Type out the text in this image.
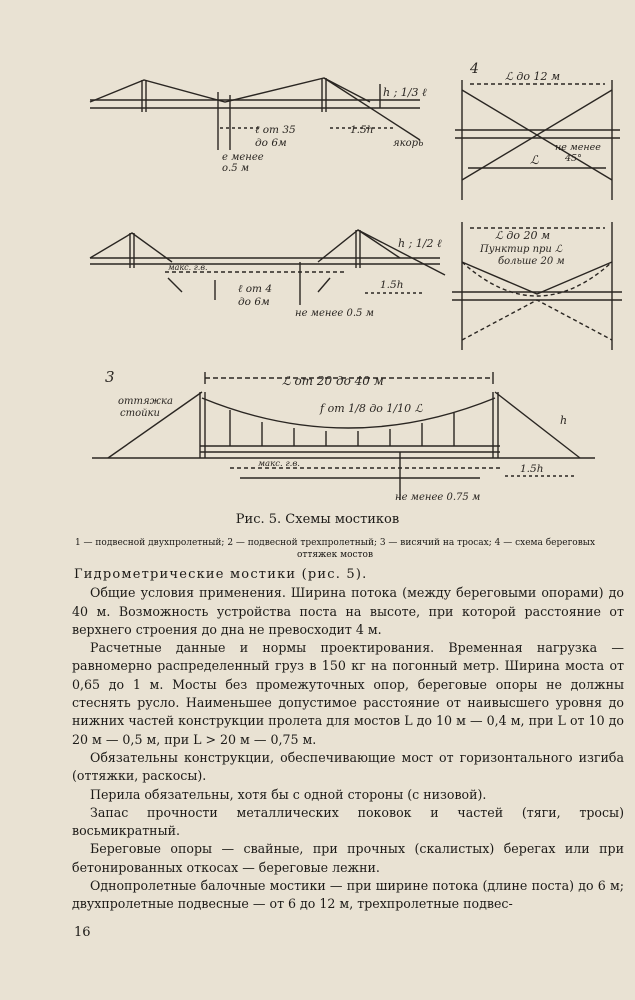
h ; 1/3 ℓ
ℓ от 35
до 6м
1.5h
якорь
е менее
о.5 м
h ; 1/2 ℓ
макс. г.в.
ℓ от 4
до 6м
1.5h
не менее 0.5 м
3	ℒ от 20 до 40 м
оттяжка
стойки	f от 1/8 до 1/10 ℒ
h
макс. г.в.	1.5h
не менее 0.75 м
4 ℒ до 12 м
не менее
45°
ℒ
ℒ до 20 м
Пунктир при ℒ
больше 20 м
Рис. 5. Схемы мостиков
1 — подвесной двухпролетный; 2 — подвесной трехпролетный; 3 — висячий на тросах; 4 — схема береговых оттяжек мостов

Гидрометрические мостики (рис. 5).

Общие условия применения. Ширина потока (между береговыми опорами) до 40 м. Возможность устройства поста на высоте, при которой расстояние от верхнего строения до дна не превосходит 4 м.

Расчетные данные и нормы проектирования. Временная нагрузка — равномерно распределенный груз в 150 кг на погонный метр. Ширина моста от 0,65 до 1 м. Мосты без промежуточных опор, береговые опоры не должны стеснять русло. Наименьшее допустимое расстояние от наивысшего уровня до нижних частей конструкции пролета для мостов L до 10 м — 0,4 м, при L от 10 до 20 м — 0,5 м, при L > 20 м — 0,75 м.

Обязательны конструкции, обеспечивающие мост от горизонтального изгиба (оттяжки, раскосы).

Перила обязательны, хотя бы с одной стороны (с низовой).

Запас прочности металлических поковок и частей (тяги, тросы) восьмикратный.

Береговые опоры — свайные, при прочных (скалистых) берегах или при бетонированных откосах — береговые лежни.

Однопролетные балочные мостики — при ширине потока (длине поста) до 6 м; двухпролетные подвесные — от 6 до 12 м, трехпролетные подвес-

16
